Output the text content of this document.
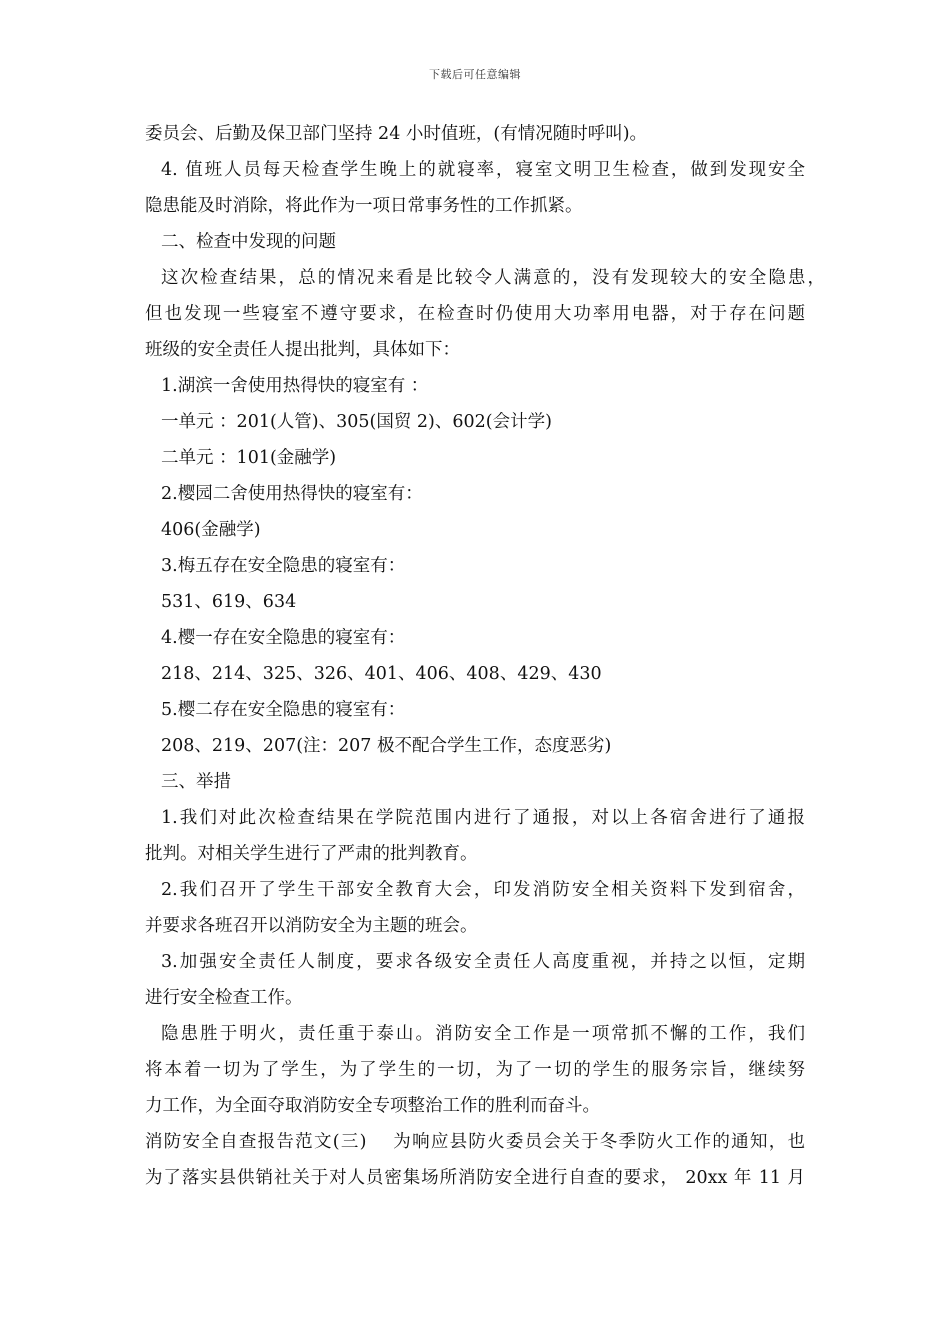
下载后可任意编辑
委员会、后勤及保卫部门坚持 24 小时值班，(有情况随时呼叫)。
4. 值班人员每天检查学生晚上的就寝率，寝室文明卫生检查，做到发现安全
隐患能及时消除，将此作为一项日常事务性的工作抓紧。
二、检查中发现的问题
这次检查结果，总的情况来看是比较令人满意的，没有发现较大的安全隐患，
但也发现一些寝室不遵守要求，在检查时仍使用大功率用电器，对于存在问题
班级的安全责任人提出批判，具体如下：
1.湖滨一舍使用热得快的寝室有 ：
一单元 ：201(人管)、305(国贸 2)、602(会计学)
二单元 ：101(金融学)
2.樱园二舍使用热得快的寝室有：
406(金融学)
3.梅五存在安全隐患的寝室有：
531、619、634
4.樱一存在安全隐患的寝室有：
218、214、325、326、401、406、408、429、430
5.樱二存在安全隐患的寝室有：
208、219、207(注：207 极不配合学生工作，态度恶劣)
三、举措
1.我们对此次检查结果在学院范围内进行了通报，对以上各宿舍进行了通报
批判。对相关学生进行了严肃的批判教育。
2.我们召开了学生干部安全教育大会，印发消防安全相关资料下发到宿舍，
并要求各班召开以消防安全为主题的班会。
3.加强安全责任人制度，要求各级安全责任人高度重视，并持之以恒，定期
进行安全检查工作。
隐患胜于明火，责任重于泰山。消防安全工作是一项常抓不懈的工作，我们
将本着一切为了学生，为了学生的一切，为了一切的学生的服务宗旨，继续努
力工作，为全面夺取消防安全专项整治工作的胜利而奋斗。
消防安全自查报告范文(三)　 为响应县防火委员会关于冬季防火工作的通知，也
为了落实县供销社关于对人员密集场所消防安全进行自查的要求， 20xx 年 11 月
